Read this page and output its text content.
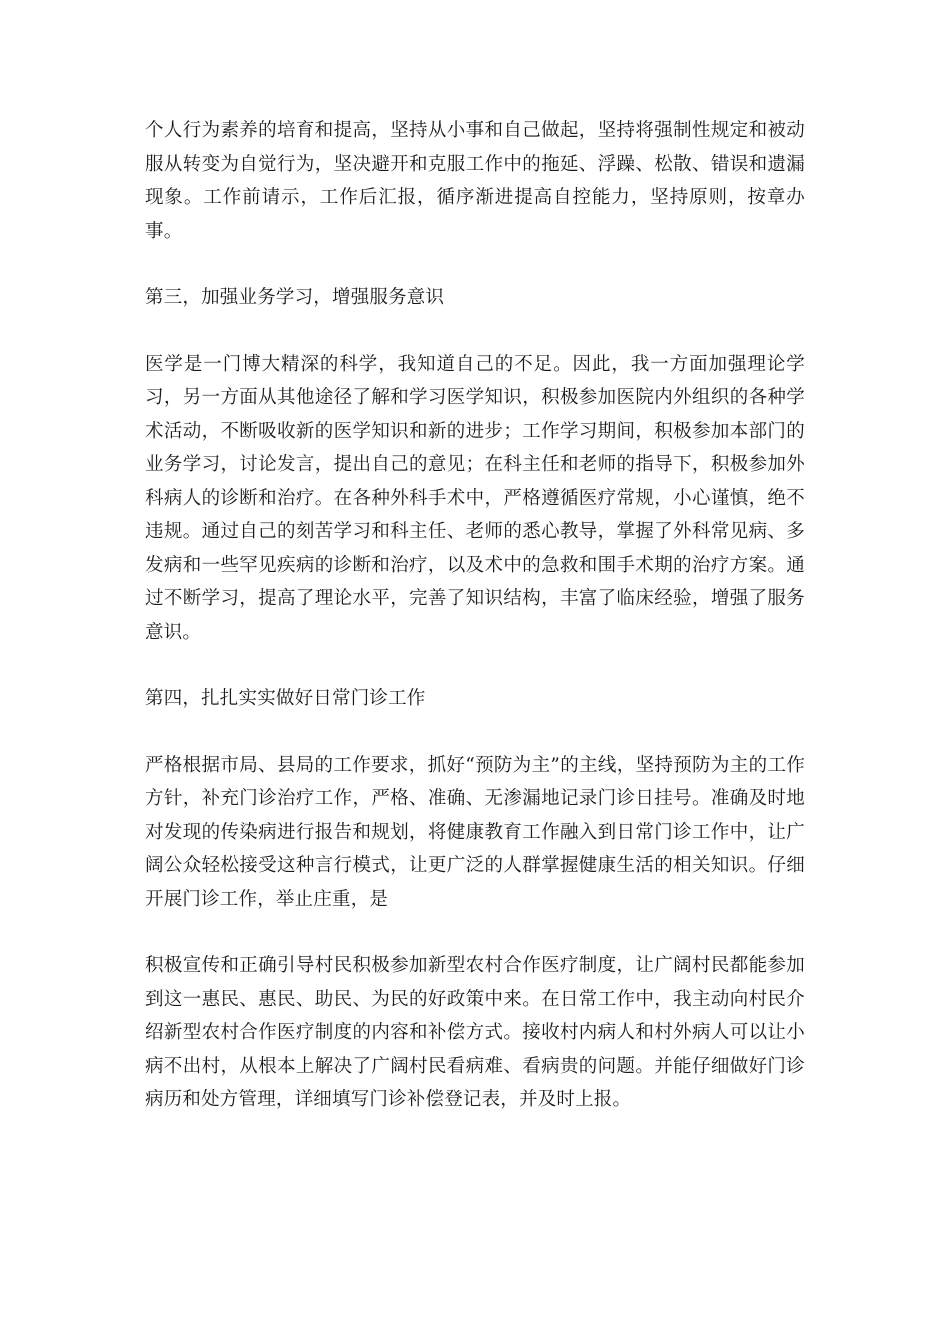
个人行为素养的培育和提高，坚持从小事和自己做起，坚持将强制性规定和被动服从转变为自觉行为，坚决避开和克服工作中的拖延、浮躁、松散、错误和遗漏现象。工作前请示，工作后汇报，循序渐进提高自控能力，坚持原则，按章办事。

第三，加强业务学习，增强服务意识

医学是一门博大精深的科学，我知道自己的不足。因此，我一方面加强理论学习，另一方面从其他途径了解和学习医学知识，积极参加医院内外组织的各种学术活动，不断吸收新的医学知识和新的进步；工作学习期间，积极参加本部门的业务学习，讨论发言，提出自己的意见；在科主任和老师的指导下，积极参加外科病人的诊断和治疗。在各种外科手术中，严格遵循医疗常规，小心谨慎，绝不违规。通过自己的刻苦学习和科主任、老师的悉心教导，掌握了外科常见病、多发病和一些罕见疾病的诊断和治疗，以及术中的急救和围手术期的治疗方案。通过不断学习，提高了理论水平，完善了知识结构，丰富了临床经验，增强了服务意识。

第四，扎扎实实做好日常门诊工作

严格根据市局、县局的工作要求，抓好“预防为主”的主线，坚持预防为主的工作方针，补充门诊治疗工作，严格、准确、无渗漏地记录门诊日挂号。准确及时地对发现的传染病进行报告和规划，将健康教育工作融入到日常门诊工作中，让广阔公众轻松接受这种言行模式，让更广泛的人群掌握健康生活的相关知识。仔细开展门诊工作，举止庄重，是

积极宣传和正确引导村民积极参加新型农村合作医疗制度，让广阔村民都能参加到这一惠民、惠民、助民、为民的好政策中来。在日常工作中，我主动向村民介绍新型农村合作医疗制度的内容和补偿方式。接收村内病人和村外病人可以让小病不出村，从根本上解决了广阔村民看病难、看病贵的问题。并能仔细做好门诊病历和处方管理，详细填写门诊补偿登记表，并及时上报。
